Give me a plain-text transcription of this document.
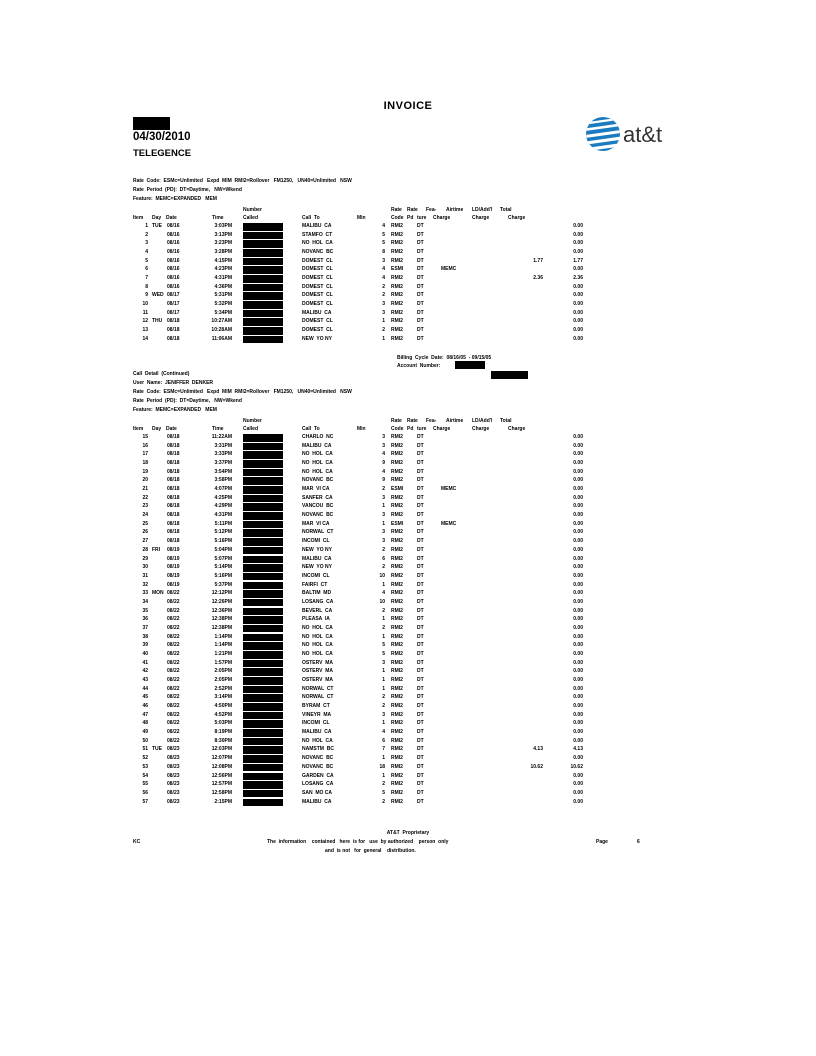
INVOICE
04/30/2010
TELEGENCE
at&t
Rate  Code:  ESMc=Unlimited   Expd  MIM  RMI2=Rollover   FM1250,   UN40=Unlimited   NSW
Rate  Period  (PD):  DT=Daytime,   NW=Wkend
Feature:  MEMC=EXPANDED   MEM
Number	Rate Rate Fea- Airtime LD/Add'l Total
Item Day Date	Time	Called	Call  To	Min	Code Pd ture Charge	Charge	Charge
1 TUE 08/16	3:03PM	MALIBU  CA	4 RMI2	DT	0.00
2	08/16	3:13PM	STAMFO  CT	5 RMI2	DT	0.00
3	08/16	3:23PM	NO  HOL  CA	5 RMI2	DT	0.00
4	08/16	3:28PM	NOVANC  BC	8 RMI2	DT	0.00
5	08/16	4:15PM	DOMEST  CL	3 RMI2	DT	1.77	1.77
6	08/16	4:23PM	DOMEST  CL	4 ESMI	DT	MEMC	0.00
7	08/16	4:31PM	DOMEST  CL	4 RMI2	DT	2.36	2.36
8	08/16	4:36PM	DOMEST  CL	2 RMI2	DT	0.00
9 WED 08/17	5:31PM	DOMEST  CL	2 RMI2	DT	0.00
10	08/17	5:32PM	DOMEST  CL	3 RMI2	DT	0.00
11	08/17	5:34PM	MALIBU  CA	3 RMI2	DT	0.00
12 THU 08/18	10:27AM	DOMEST  CL	1 RMI2	DT	0.00
13	08/18	10:28AM	DOMEST  CL	2 RMI2	DT	0.00
14	08/18	11:06AM	NEW  YO NY	1 RMI2	DT	0.00
Billing  Cycle  Date:  08/16/05  - 09/15/05
Account  Number:
Call  Detail  (Continued)
User  Name:  JENIFFER  DENKER
Rate  Code:  ESMc=Unlimited   Expd  MIM  RMI2=Rollover   FM1250,   UN40=Unlimited   NSW
Rate  Period  (PD):  DT=Daytime,   NW=Wkend
Feature:  MEMC=EXPANDED   MEM
Number	Rate Rate Fea- Airtime LD/Add'l Total
Item Day Date	Time	Called	Call  To	Min	Code Pd ture Charge	Charge	Charge
15	08/18	11:22AM	CHARLO  NC	3 RMI2	DT	0.00
16	08/18	3:31PM	MALIBU  CA	3 RMI2	DT	0.00
17	08/18	3:33PM	NO  HOL  CA	4 RMI2	DT	0.00
18	08/18	3:37PM	NO  HOL  CA	9 RMI2	DT	0.00
19	08/18	3:54PM	NO  HOL  CA	4 RMI2	DT	0.00
20	08/18	3:58PM	NOVANC  BC	9 RMI2	DT	0.00
21	08/18	4:07PM	MAR  VI CA	2 ESMI	DT	MEMC	0.00
22	08/18	4:25PM	SANFER  CA	3 RMI2	DT	0.00
23	08/18	4:29PM	VANCOU  BC	1 RMI2	DT	0.00
24	08/18	4:31PM	NOVANC  BC	3 RMI2	DT	0.00
25	08/18	5:11PM	MAR  VI CA	1 ESMI	DT	MEMC	0.00
26	08/18	5:12PM	NORWAL  CT	3 RMI2	DT	0.00
27	08/18	5:16PM	INCOMI  CL	3 RMI2	DT	0.00
28 FRI 08/19	5:04PM	NEW  YO NY	2 RMI2	DT	0.00
29	08/19	5:07PM	MALIBU  CA	6 RMI2	DT	0.00
30	08/19	5:14PM	NEW  YO NY	2 RMI2	DT	0.00
31	08/19	5:16PM	INCOMI  CL	10 RMI2	DT	0.00
32	08/19	5:37PM	FAIRFI  CT	1 RMI2	DT	0.00
33 MON 08/22	12:12PM	BALTIM  MD	4 RMI2	DT	0.00
34	08/22	12:26PM	LOSANG  CA	10 RMI2	DT	0.00
35	08/22	12:36PM	BEVERL  CA	2 RMI2	DT	0.00
36	08/22	12:38PM	PLEASA  IA	1 RMI2	DT	0.00
37	08/22	12:38PM	NO  HOL  CA	2 RMI2	DT	0.00
38	08/22	1:14PM	NO  HOL  CA	1 RMI2	DT	0.00
39	08/22	1:14PM	NO  HOL  CA	5 RMI2	DT	0.00
40	08/22	1:21PM	NO  HOL  CA	5 RMI2	DT	0.00
41	08/22	1:57PM	OSTERV  MA	3 RMI2	DT	0.00
42	08/22	2:05PM	OSTERV  MA	1 RMI2	DT	0.00
43	08/22	2:05PM	OSTERV  MA	1 RMI2	DT	0.00
44	08/22	2:52PM	NORWAL  CT	1 RMI2	DT	0.00
45	08/22	3:14PM	NORWAL  CT	2 RMI2	DT	0.00
46	08/22	4:50PM	BYRAM  CT	2 RMI2	DT	0.00
47	08/22	4:52PM	VINEYR  MA	3 RMI2	DT	0.00
48	08/22	5:03PM	INCOMI  CL	1 RMI2	DT	0.00
49	08/22	8:19PM	MALIBU  CA	4 RMI2	DT	0.00
50	08/22	8:30PM	NO  HOL  CA	6 RMI2	DT	0.00
51 TUE 08/23	12:03PM	NAMSTM  BC	7 RMI2	DT	4.13	4.13
52	08/23	12:07PM	NOVANC  BC	1 RMI2	DT	0.00
53	08/23	12:08PM	NOVANC  BC	18 RMI2	DT	10.62	10.62
54	08/23	12:56PM	GARDEN  CA	1 RMI2	DT	0.00
55	08/23	12:57PM	LOSANG  CA	2 RMI2	DT	0.00
56	08/23	12:58PM	SAN  MO CA	5 RMI2	DT	0.00
57	08/23	2:15PM	MALIBU  CA	2 RMI2	DT	0.00
AT&T  Proprietary
KC	The  information    contained   here  is for   use  by authorized    person  only
and  is not   for  general    distribution.
Page	6
